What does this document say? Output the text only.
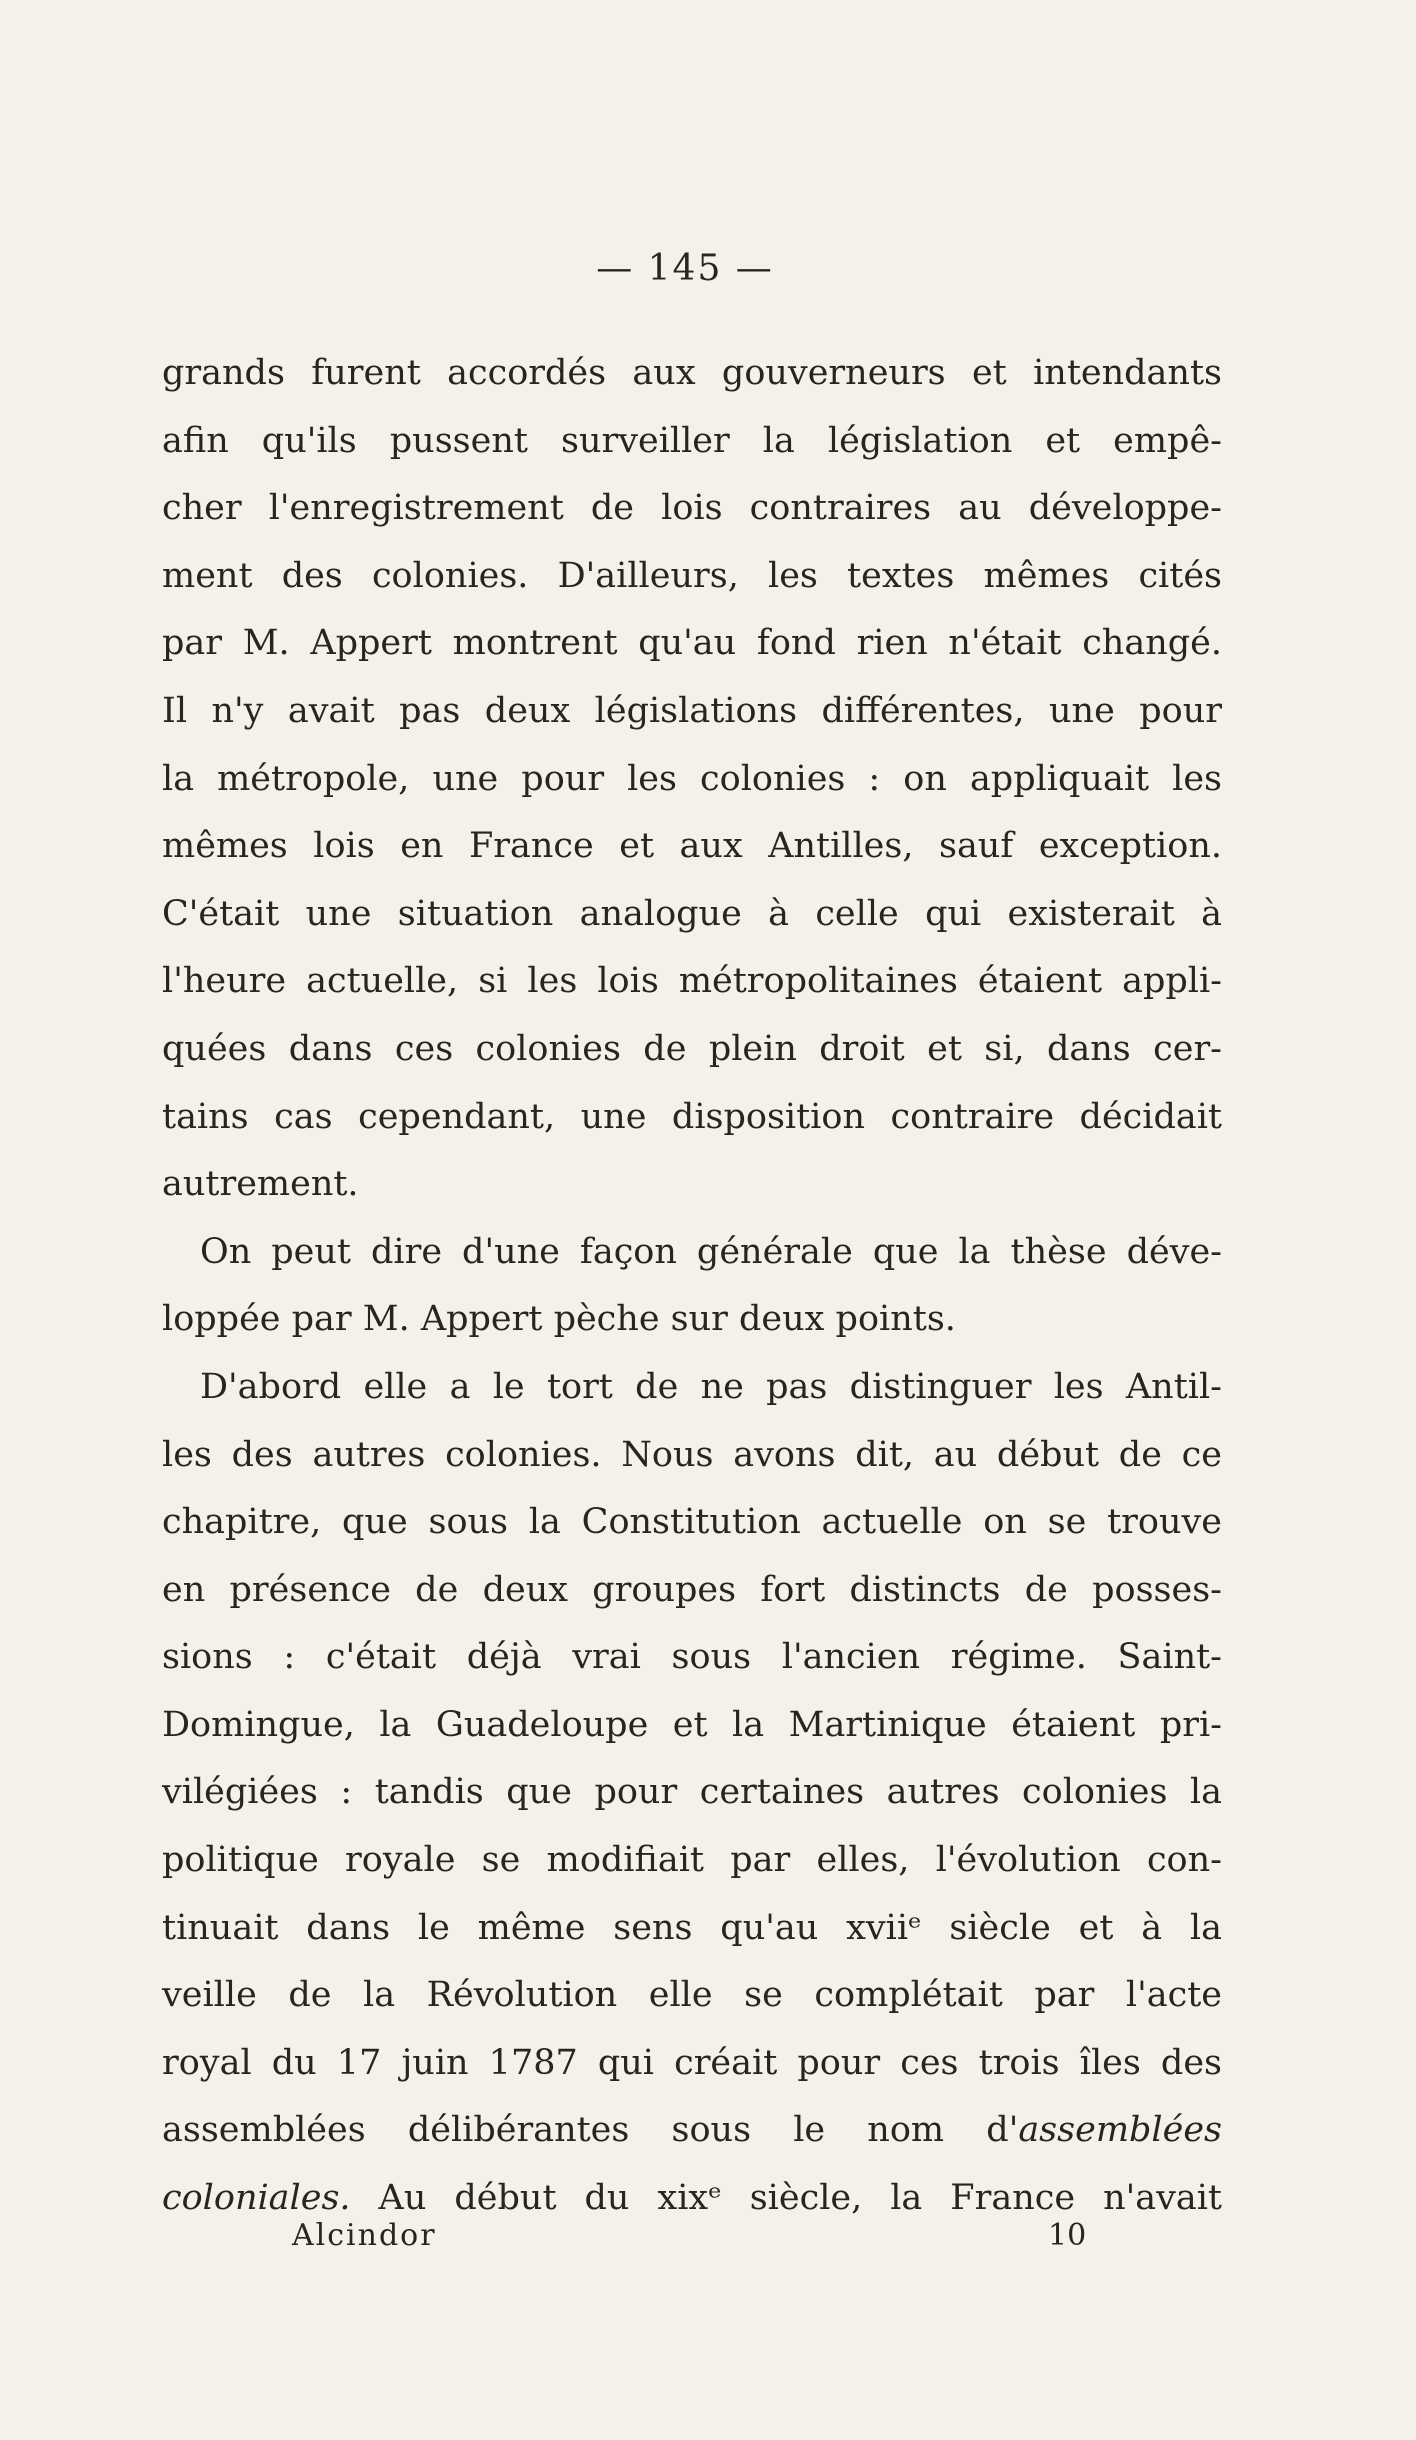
— 145 —
grands furent accordés aux gouverneurs et intendants
afin qu'ils pussent surveiller la législation et empê-
cher l'enregistrement de lois contraires au développe-
ment des colonies. D'ailleurs, les textes mêmes cités
par M. Appert montrent qu'au fond rien n'était changé.
Il n'y avait pas deux législations différentes, une pour
la métropole, une pour les colonies : on appliquait les
mêmes lois en France et aux Antilles, sauf exception.
C'était une situation analogue à celle qui existerait à
l'heure actuelle, si les lois métropolitaines étaient appli-
quées dans ces colonies de plein droit et si, dans cer-
tains cas cependant, une disposition contraire décidait
autrement.
On peut dire d'une façon générale que la thèse déve-
loppée par M. Appert pèche sur deux points.
D'abord elle a le tort de ne pas distinguer les Antil-
les des autres colonies. Nous avons dit, au début de ce
chapitre, que sous la Constitution actuelle on se trouve
en présence de deux groupes fort distincts de posses-
sions : c'était déjà vrai sous l'ancien régime. Saint-
Domingue, la Guadeloupe et la Martinique étaient pri-
vilégiées : tandis que pour certaines autres colonies la
politique royale se modifiait par elles, l'évolution con-
tinuait dans le même sens qu'au xviiᵉ siècle et à la
veille de la Révolution elle se complétait par l'acte
royal du 17 juin 1787 qui créait pour ces trois îles des
assemblées délibérantes sous le nom d'assemblées
coloniales. Au début du xixᵉ siècle, la France n'avait
Alcindor	10
